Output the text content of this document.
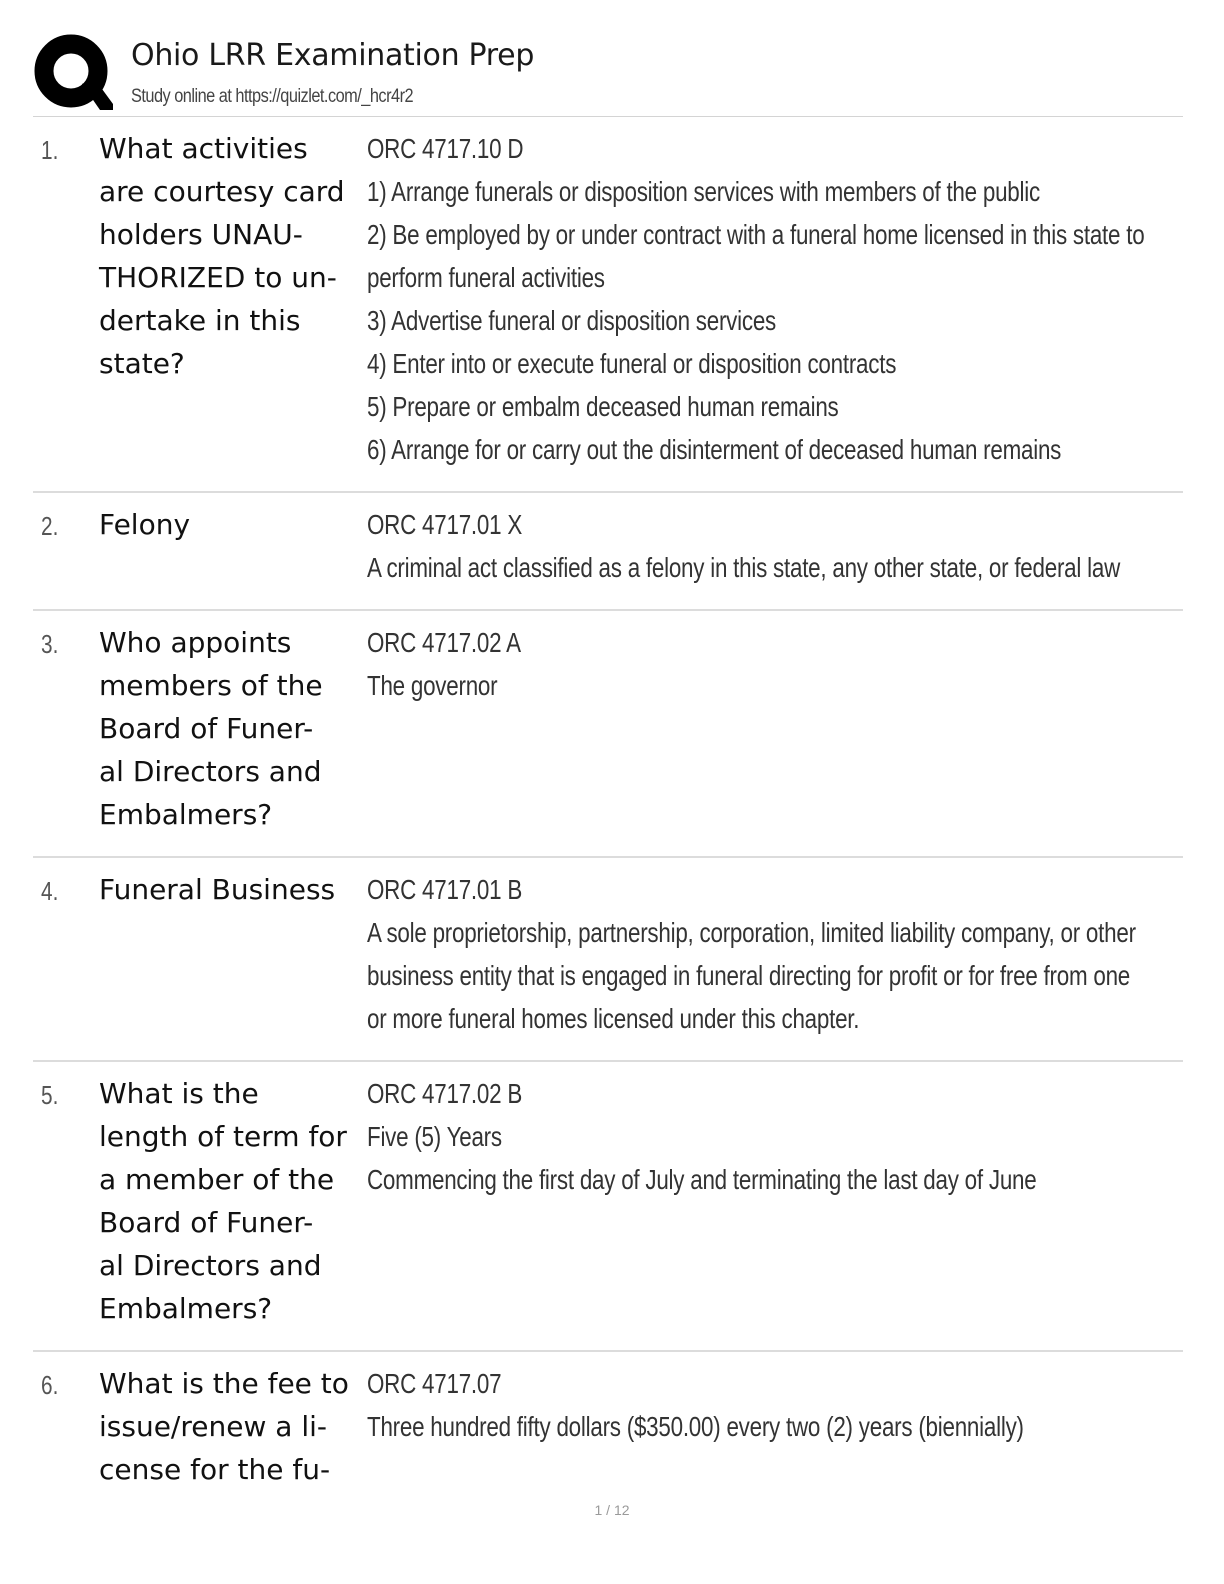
Ohio LRR Examination Prep
Study online at https://quizlet.com/_hcr4r2
1. What activities
are courtesy card
holders UNAU-
THORIZED to un-
dertake in this
state?
ORC 4717.10 D
1) Arrange funerals or disposition services with members of the public
2) Be employed by or under contract with a funeral home licensed in this state to
perform funeral activities
3) Advertise funeral or disposition services
4) Enter into or execute funeral or disposition contracts
5) Prepare or embalm deceased human remains
6) Arrange for or carry out the disinterment of deceased human remains
2. Felony	ORC 4717.01 X
A criminal act classified as a felony in this state, any other state, or federal law
3. Who appoints
members of the
Board of Funer-
al Directors and
Embalmers?
ORC 4717.02 A
The governor
4. Funeral Business	ORC 4717.01 B
A sole proprietorship, partnership, corporation, limited liability company, or other
business entity that is engaged in funeral directing for profit or for free from one
or more funeral homes licensed under this chapter.
5. What is the
length of term for
a member of the
Board of Funer-
al Directors and
Embalmers?
ORC 4717.02 B
Five (5) Years
Commencing the first day of July and terminating the last day of June
6. What is the fee to
issue/renew a li-
cense for the fu-
ORC 4717.07
Three hundred fifty dollars ($350.00) every two (2) years (biennially)
1 / 12
